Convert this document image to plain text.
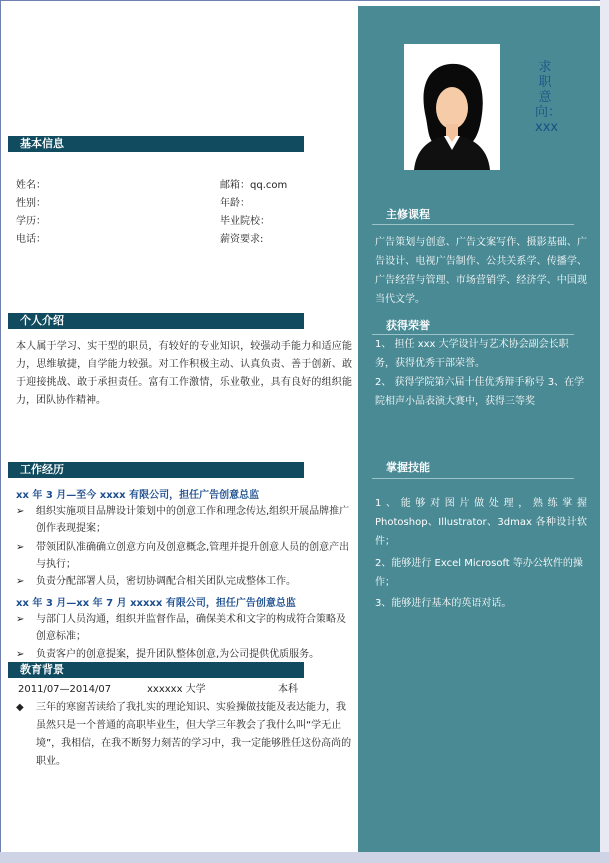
基本信息
姓名：	邮箱：qq.com
性别：	年龄：
学历：	毕业院校：
电话：	薪资要求:
个人介绍
本人属于学习、实干型的职员，有较好的专业知识，较强动手能力和适应能力，思维敏捷，自学能力较强。对工作积极主动、认真负责、善于创新、敢于迎接挑战、敢于承担责任。富有工作激情，乐业敬业，具有良好的组织能力，团队协作精神。
工作经历
xx 年 3 月—至今 xxxx 有限公司，担任广告创意总监
➢ 组织实施项目品牌设计策划中的创意工作和理念传达,组织开展品牌推广创作表现提案；
➢ 带领团队准确确立创意方向及创意概念,管理并提升创意人员的创意产出与执行；
➢ 负责分配部署人员，密切协调配合相关团队完成整体工作。
xx 年 3 月—xx 年 7 月 xxxxx 有限公司，担任广告创意总监
➢ 与部门人员沟通，组织并监督作品，确保美术和文字的构成符合策略及创意标准；
➢ 负责客户的创意提案，提升团队整体创意,为公司提供优质服务。
教育背景
2011/07—2014/07	xxxxxx 大学	本科
◆ 三年的寒窗苦读给了我扎实的理论知识、实验操做技能及表达能力，我虽然只是一个普通的高职毕业生，但大学三年教会了我什么叫“学无止境”，我相信，在我不断努力刻苦的学习中，我一定能够胜任这份高尚的职业。
求职意向：xxx
主修课程
广告策划与创意、广告文案写作、摄影基础、广告设计、电视广告制作、公共关系学、传播学、广告经营与管理、市场营销学、经济学、中国现当代文学。
获得荣誉
1、 担任 xxx 大学设计与艺术协会副会长职务，获得优秀干部荣誉。
2、 获得学院第六届十佳优秀辩手称号 3、在学院相声小品表演大赛中，获得三等奖
掌握技能
1、能够对图片做处理，熟练掌握 Photoshop、Illustrator、3dmax 各种设计软件；
2、能够进行 Excel Microsoft 等办公软件的操作；
3、能够进行基本的英语对话。
